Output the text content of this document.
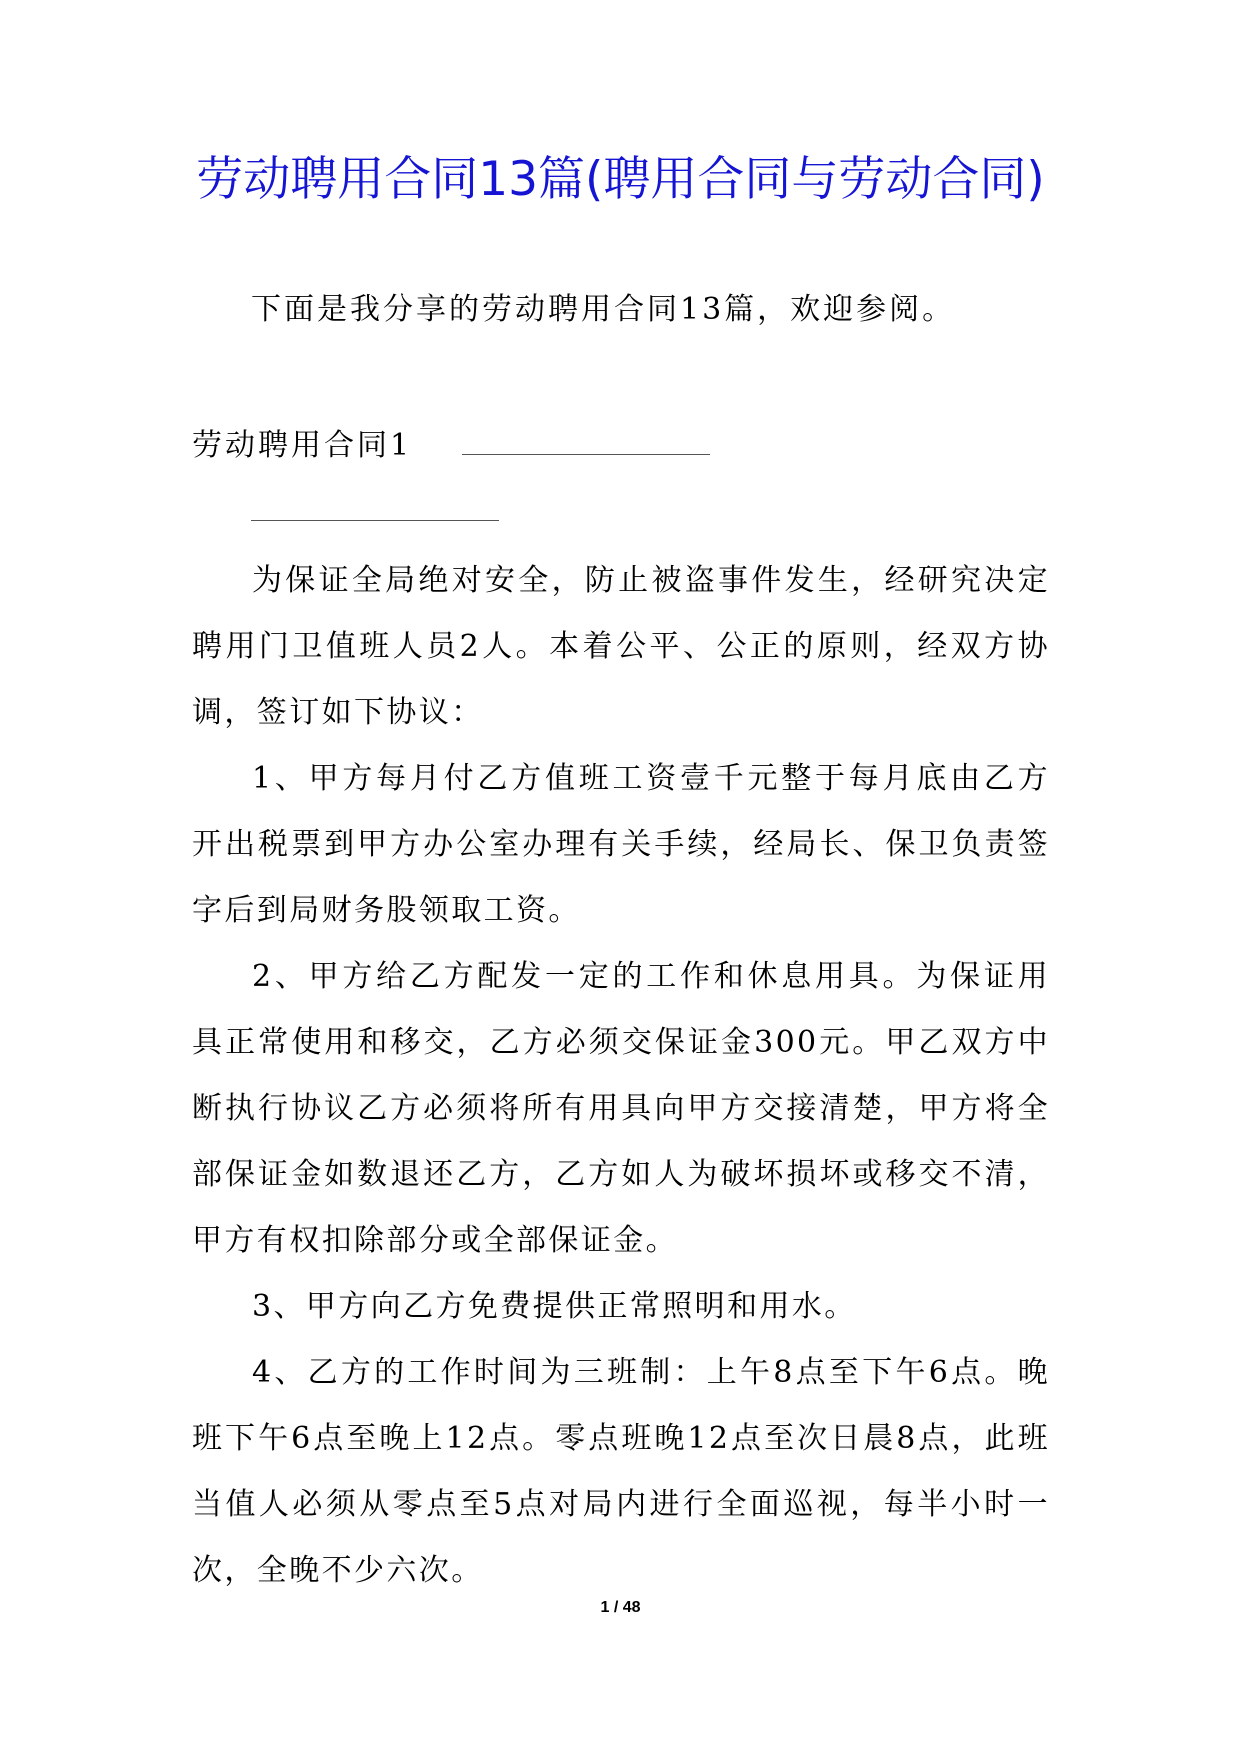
劳动聘用合同13篇(聘用合同与劳动合同)
下面是我分享的劳动聘用合同13篇，欢迎参阅。
劳动聘用合同1

为保证全局绝对安全，防止被盗事件发生，经研究决定聘用门卫值班人员2人。本着公平、公正的原则，经双方协调，签订如下协议：

1、甲方每月付乙方值班工资壹千元整于每月底由乙方开出税票到甲方办公室办理有关手续，经局长、保卫负责签字后到局财务股领取工资。

2、甲方给乙方配发一定的工作和休息用具。为保证用具正常使用和移交，乙方必须交保证金300元。甲乙双方中断执行协议乙方必须将所有用具向甲方交接清楚，甲方将全部保证金如数退还乙方，乙方如人为破坏损坏或移交不清，甲方有权扣除部分或全部保证金。

3、甲方向乙方免费提供正常照明和用水。

4、乙方的工作时间为三班制：上午8点至下午6点。晚班下午6点至晚上12点。零点班晚12点至次日晨8点，此班当值人必须从零点至5点对局内进行全面巡视，每半小时一次，全晚不少六次。

1 / 48
